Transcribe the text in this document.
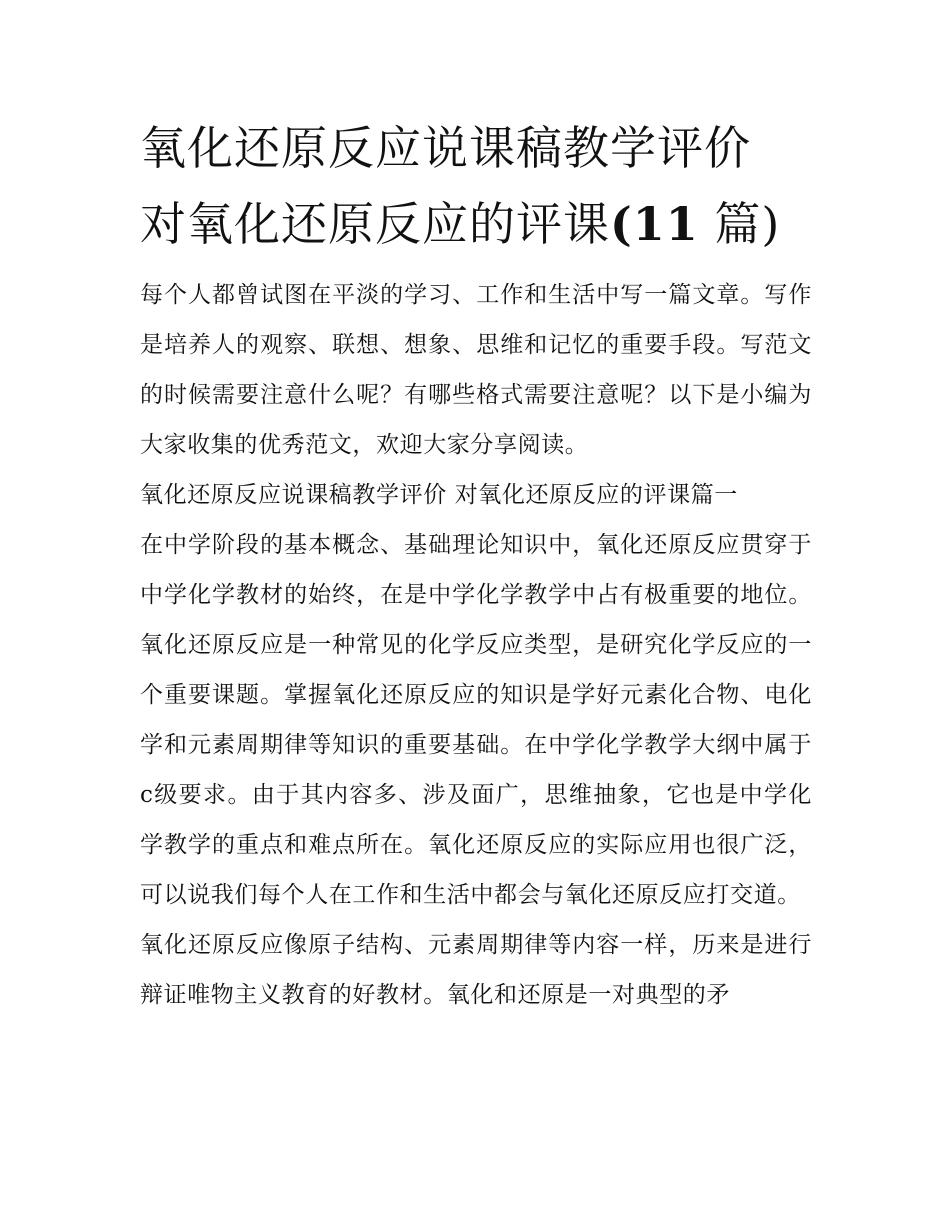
氧化还原反应说课稿教学评价
对氧化还原反应的评课(11 篇)

每个人都曾试图在平淡的学习、工作和生活中写一篇文章。写作是培养人的观察、联想、想象、思维和记忆的重要手段。写范文的时候需要注意什么呢？有哪些格式需要注意呢？以下是小编为大家收集的优秀范文，欢迎大家分享阅读。

氧化还原反应说课稿教学评价 对氧化还原反应的评课篇一

在中学阶段的基本概念、基础理论知识中，氧化还原反应贯穿于中学化学教材的始终，在是中学化学教学中占有极重要的地位。氧化还原反应是一种常见的化学反应类型，是研究化学反应的一个重要课题。掌握氧化还原反应的知识是学好元素化合物、电化学和元素周期律等知识的重要基础。在中学化学教学大纲中属于c级要求。由于其内容多、涉及面广，思维抽象，它也是中学化学教学的重点和难点所在。氧化还原反应的实际应用也很广泛，可以说我们每个人在工作和生活中都会与氧化还原反应打交道。

氧化还原反应像原子结构、元素周期律等内容一样，历来是进行辩证唯物主义教育的好教材。氧化和还原是一对典型的矛
